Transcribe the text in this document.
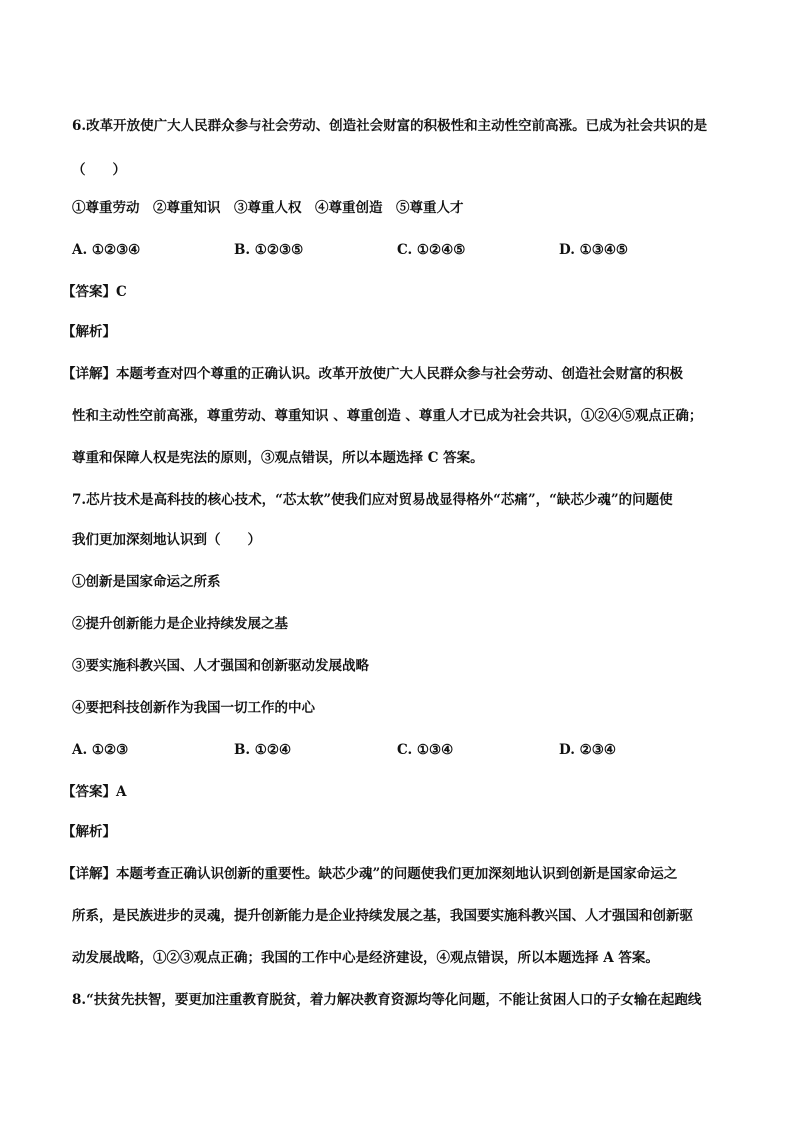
6.改革开放使广大人民群众参与社会劳动、创造社会财富的积极性和主动性空前高涨。已成为社会共识的是
（　　）
①尊重劳动　②尊重知识　③尊重人权　④尊重创造　⑤尊重人才
A. ①②③④	B. ①②③⑤	C. ①②④⑤	D. ①③④⑤
【答案】C
【解析】
【详解】本题考查对四个尊重的正确认识。改革开放使广大人民群众参与社会劳动、创造社会财富的积极
性和主动性空前高涨，尊重劳动、尊重知识 、尊重创造 、尊重人才已成为社会共识，①②④⑤观点正确；
尊重和保障人权是宪法的原则，③观点错误，所以本题选择 C 答案。
7.芯片技术是高科技的核心技术，“芯太软”使我们应对贸易战显得格外“芯痛”，“缺芯少魂”的问题使
我们更加深刻地认识到（　　）
①创新是国家命运之所系
②提升创新能力是企业持续发展之基
③要实施科教兴国、人才强国和创新驱动发展战略
④要把科技创新作为我国一切工作的中心
A. ①②③	B. ①②④	C. ①③④	D. ②③④
【答案】A
【解析】
【详解】本题考查正确认识创新的重要性。缺芯少魂”的问题使我们更加深刻地认识到创新是国家命运之
所系，是民族进步的灵魂，提升创新能力是企业持续发展之基，我国要实施科教兴国、人才强国和创新驱
动发展战略，①②③观点正确；我国的工作中心是经济建设，④观点错误，所以本题选择 A 答案。
8.“扶贫先扶智，要更加注重教育脱贫，着力解决教育资源均等化问题，不能让贫困人口的子女输在起跑线
